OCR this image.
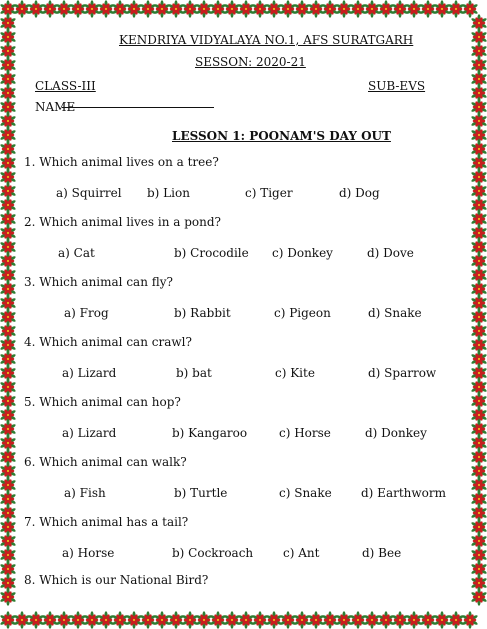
KENDRIYA VIDYALAYA NO.1, AFS SURATGARH
SESSON: 2020-21
CLASS-III	SUB-EVS
NAME-
LESSON 1: POONAM'S DAY OUT
1. Which animal lives on a tree?
a) Squirrel b) Lion	c) Tiger	d) Dog
2. Which animal lives in a pond?
a) Cat	b) Crocodile c) Donkey	d) Dove
3. Which animal can fly?
a) Frog	b) Rabbit	c) Pigeon	d) Snake
4. Which animal can crawl?
a) Lizard	b) bat	c) Kite	d) Sparrow
5. Which animal can hop?
a) Lizard	b) Kangaroo	c) Horse	d) Donkey
6. Which animal can walk?
a) Fish	b) Turtle	c) Snake d) Earthworm
7. Which animal has a tail?
a) Horse	b) Cockroach c) Ant	d) Bee
8. Which is our National Bird?
